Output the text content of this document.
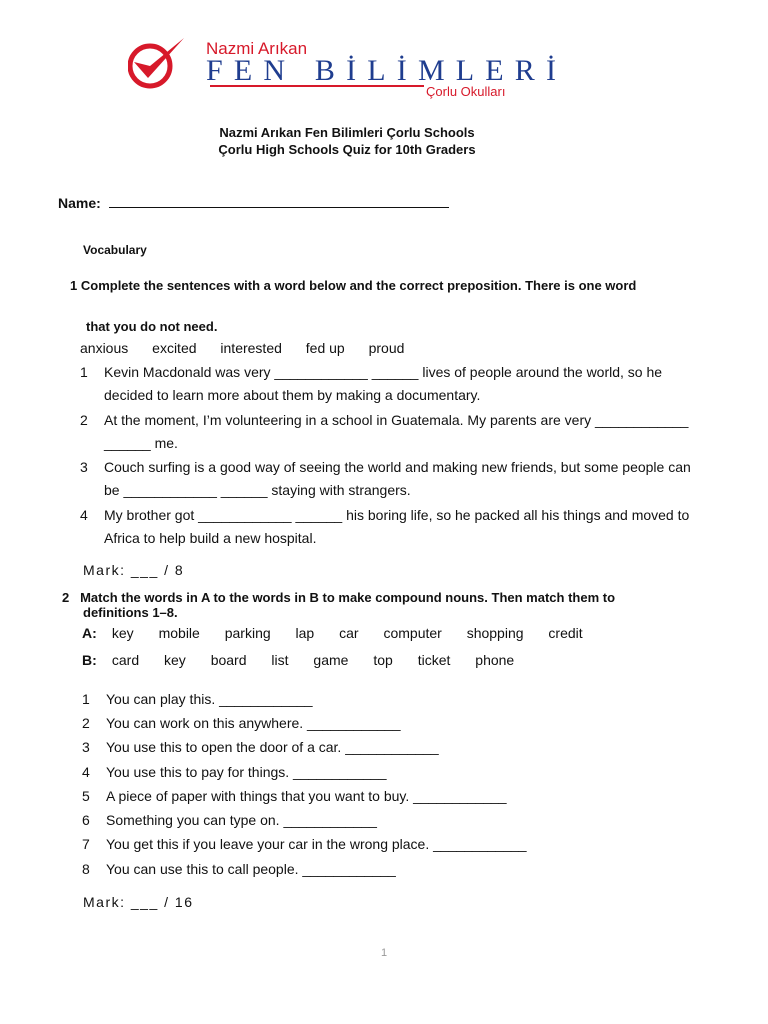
Nazmi Arıkan
FEN BİLİMLERİ
Çorlu Okulları
Nazmi Arıkan Fen Bilimleri Çorlu Schools
Çorlu High Schools Quiz for 10th Graders
Name:
Vocabulary
1 Complete the sentences with a word below and the correct preposition. There is one word
that you do not need.
anxious excited interested fed up proud
1 Kevin Macdonald was very ____________ ______ lives of people around the world, so he
decided to learn more about them by making a documentary.
2 At the moment, I’m volunteering in a school in Guatemala. My parents are very ____________
______ me.
3 Couch surfing is a good way of seeing the world and making new friends, but some people can
be ____________ ______ staying with strangers.
4 My brother got ____________ ______ his boring life, so he packed all his things and moved to
Africa to help build a new hospital.
Mark: ___ / 8
2 Match the words in A to the words in B to make compound nouns. Then match them to
definitions 1–8.
A: key mobile parking lap car computer shopping credit
B: card key board list game top ticket phone
1 You can play this. ____________
2 You can work on this anywhere. ____________
3 You use this to open the door of a car. ____________
4 You use this to pay for things. ____________
5 A piece of paper with things that you want to buy. ____________
6 Something you can type on. ____________
7 You get this if you leave your car in the wrong place. ____________
8 You can use this to call people. ____________
Mark: ___ / 16
1
